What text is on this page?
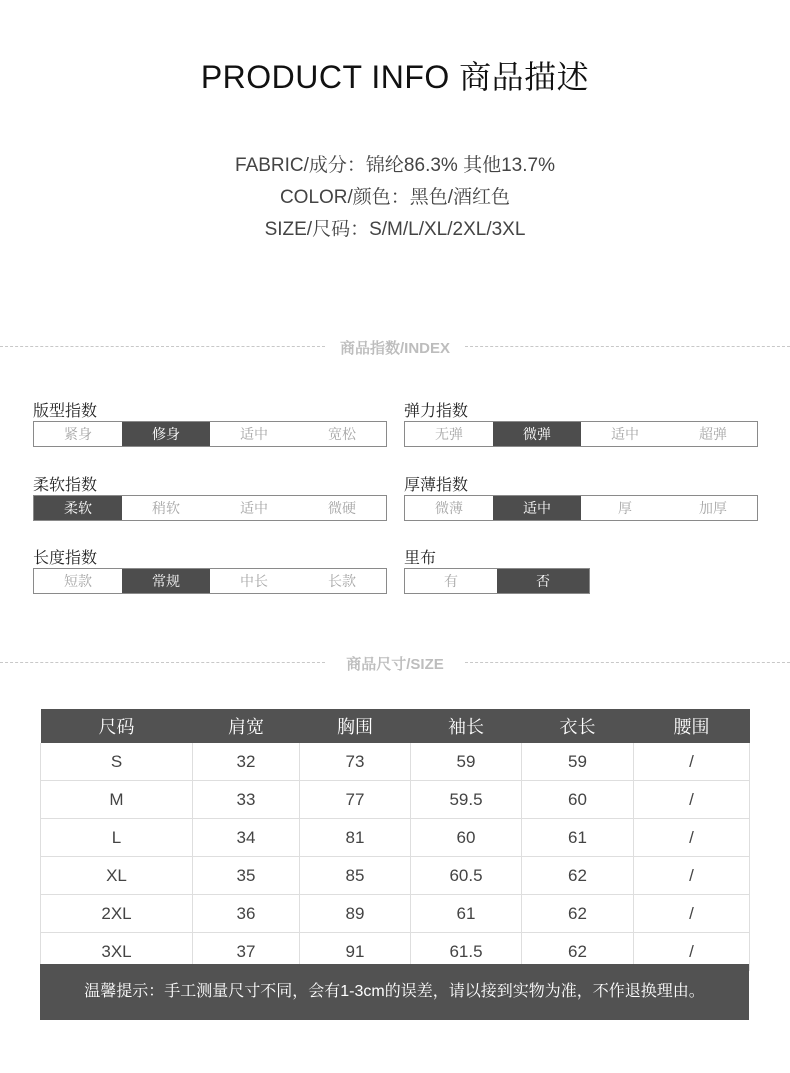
PRODUCT INFO 商品描述
FABRIC/成分：锦纶86.3% 其他13.7%
COLOR/颜色：黑色/酒红色
SIZE/尺码：S/M/L/XL/2XL/3XL
商品指数/INDEX
版型指数
紧身	修身	适中	宽松
弹力指数
无弹	微弹	适中	超弹
柔软指数
柔软	稍软	适中	微硬
厚薄指数
微薄	适中	厚	加厚
长度指数
短款	常规	中长	长款
里布
有	否
商品尺寸/SIZE
尺码	肩宽	胸围	袖长	衣长	腰围
S	32	73	59	59	/
M	33	77	59.5	60	/
L	34	81	60	61	/
XL	35	85	60.5	62	/
2XL	36	89	61	62	/
3XL	37	91	61.5	62	/
温馨提示：手工测量尺寸不同，会有1-3cm的误差，请以接到实物为准，不作退换理由。
